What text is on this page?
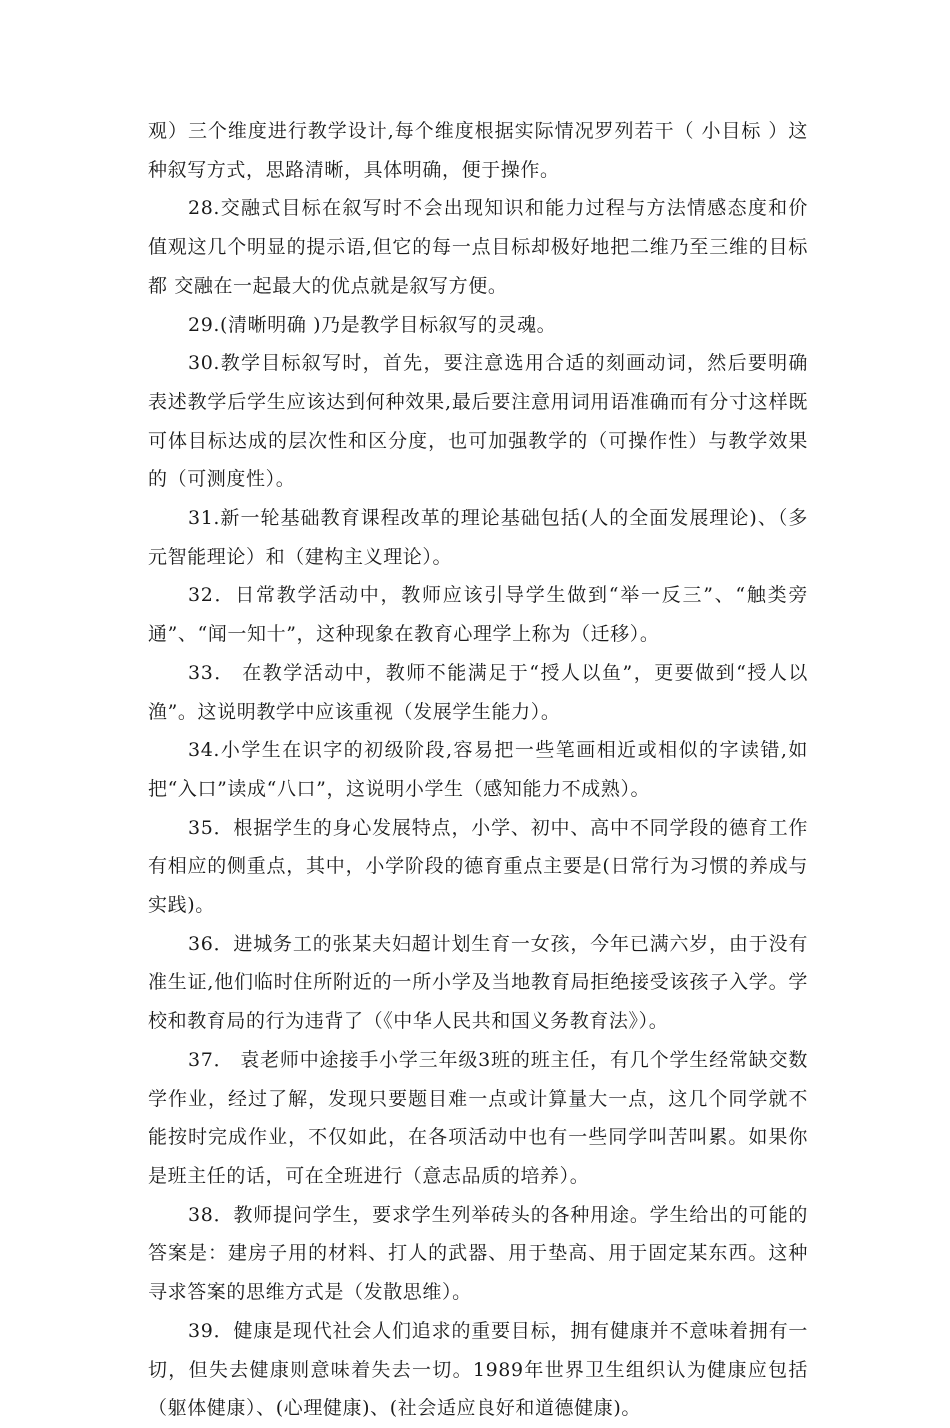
观）三个维度进行教学设计,每个维度根据实际情况罗列若干（ 小目标 ）这种叙写方式，思路清晰，具体明确，便于操作。

28.交融式目标在叙写时不会出现知识和能力过程与方法情感态度和价值观这几个明显的提示语,但它的每一点目标却极好地把二维乃至三维的目标都 交融在一起最大的优点就是叙写方便。

29.(清晰明确 )乃是教学目标叙写的灵魂。

30.教学目标叙写时，首先，要注意选用合适的刻画动词，然后要明确表述教学后学生应该达到何种效果,最后要注意用词用语准确而有分寸这样既可体目标达成的层次性和区分度，也可加强教学的（可操作性）与教学效果的（可测度性）。

31.新一轮基础教育课程改革的理论基础包括(人的全面发展理论)、（多元智能理论）和（建构主义理论）。

32．日常教学活动中，教师应该引导学生做到“举一反三”、“触类旁通”、“闻一知十”，这种现象在教育心理学上称为（迁移）。

33． 在教学活动中，教师不能满足于“授人以鱼”，更要做到“授人以渔”。这说明教学中应该重视（发展学生能力）。

34.小学生在识字的初级阶段,容易把一些笔画相近或相似的字读错,如把“入口”读成“八口”，这说明小学生（感知能力不成熟）。

35．根据学生的身心发展特点，小学、初中、高中不同学段的德育工作有相应的侧重点，其中，小学阶段的德育重点主要是(日常行为习惯的养成与实践)。

36．进城务工的张某夫妇超计划生育一女孩，今年已满六岁，由于没有准生证,他们临时住所附近的一所小学及当地教育局拒绝接受该孩子入学。学校和教育局的行为违背了（《中华人民共和国义务教育法》）。

37． 袁老师中途接手小学三年级3班的班主任，有几个学生经常缺交数学作业，经过了解，发现只要题目难一点或计算量大一点，这几个同学就不能按时完成作业，不仅如此，在各项活动中也有一些同学叫苦叫累。如果你是班主任的话，可在全班进行（意志品质的培养）。

38．教师提问学生，要求学生列举砖头的各种用途。学生给出的可能的答案是：建房子用的材料、打人的武器、用于垫高、用于固定某东西。这种寻求答案的思维方式是（发散思维）。

39．健康是现代社会人们追求的重要目标，拥有健康并不意味着拥有一切，但失去健康则意味着失去一切。1989年世界卫生组织认为健康应包括（躯体健康）、(心理健康)、(社会适应良好和道德健康)。
